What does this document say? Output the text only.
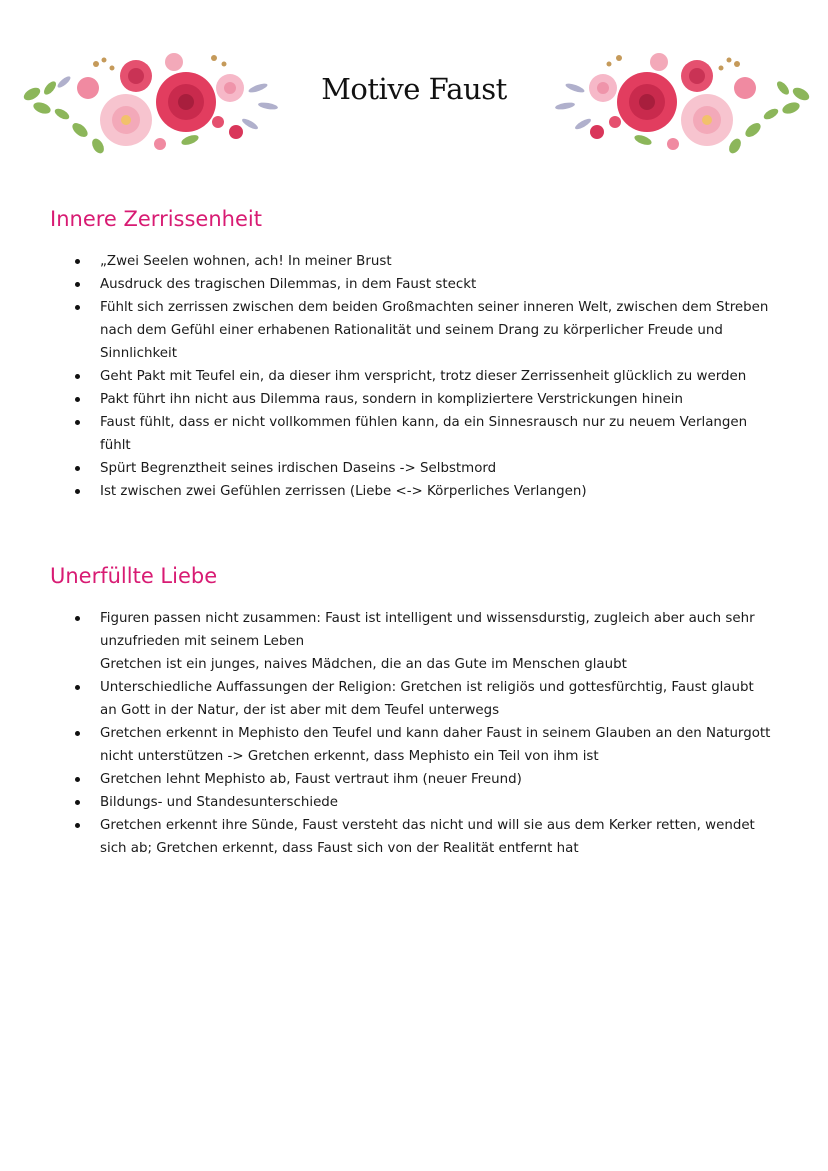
Motive Faust
Innere Zerrissenheit
„Zwei Seelen wohnen, ach! In meiner Brust
Ausdruck des tragischen Dilemmas, in dem Faust steckt
Fühlt sich zerrissen zwischen dem beiden Großmachten seiner inneren Welt, zwischen dem Streben
nach dem Gefühl einer erhabenen Rationalität und seinem Drang zu körperlicher Freude und
Sinnlichkeit
Geht Pakt mit Teufel ein, da dieser ihm verspricht, trotz dieser Zerrissenheit glücklich zu werden
Pakt führt ihn nicht aus Dilemma raus, sondern in kompliziertere Verstrickungen hinein
Faust fühlt, dass er nicht vollkommen fühlen kann, da ein Sinnesrausch nur zu neuem Verlangen
fühlt
Spürt Begrenztheit seines irdischen Daseins -> Selbstmord
Ist zwischen zwei Gefühlen zerrissen (Liebe <-> Körperliches Verlangen)
Unerfüllte Liebe
Figuren passen nicht zusammen: Faust ist intelligent und wissensdurstig, zugleich aber auch sehr
unzufrieden mit seinem Leben
Gretchen ist ein junges, naives Mädchen, die an das Gute im Menschen glaubt
Unterschiedliche Auffassungen der Religion: Gretchen ist religiös und gottesfürchtig, Faust glaubt
an Gott in der Natur, der ist aber mit dem Teufel unterwegs
Gretchen erkennt in Mephisto den Teufel und kann daher Faust in seinem Glauben an den Naturgott
nicht unterstützen -> Gretchen erkennt, dass Mephisto ein Teil von ihm ist
Gretchen lehnt Mephisto ab, Faust vertraut ihm (neuer Freund)
Bildungs- und Standesunterschiede
Gretchen erkennt ihre Sünde, Faust versteht das nicht und will sie aus dem Kerker retten, wendet
sich ab; Gretchen erkennt, dass Faust sich von der Realität entfernt hat
